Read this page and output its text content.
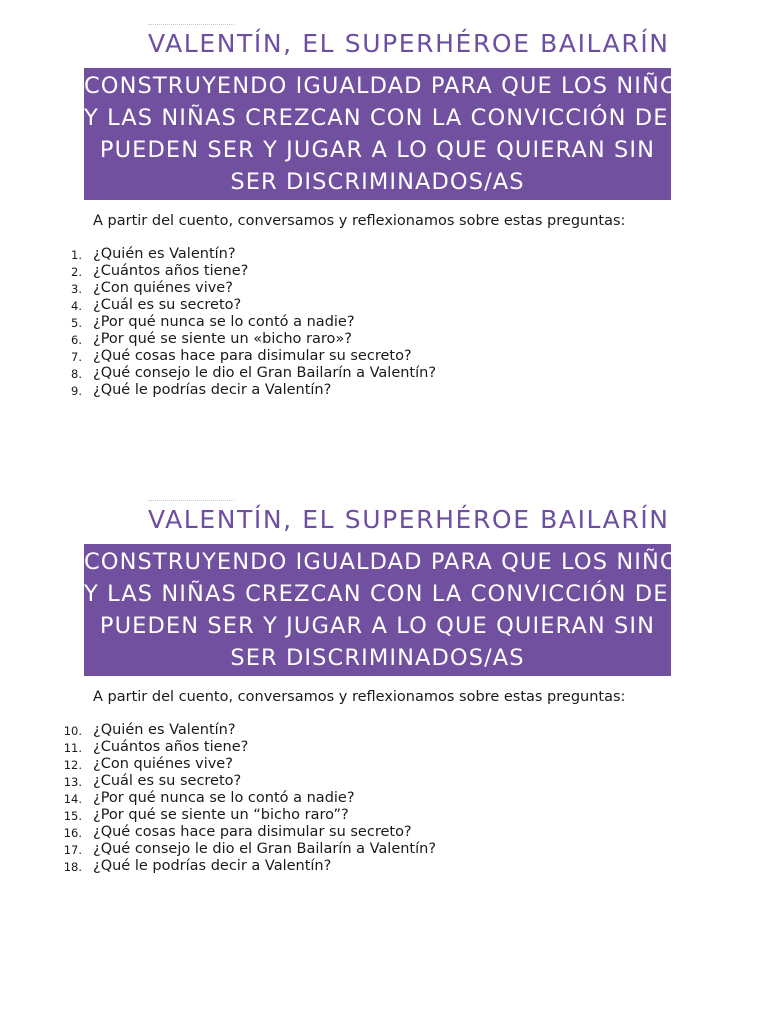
VALENTÍN, EL SUPERHÉROE BAILARÍN
CONSTRUYENDO IGUALDAD PARA QUE LOS NIÑOS
Y LAS NIÑAS CREZCAN CON LA CONVICCIÓN DE QUE
PUEDEN SER Y JUGAR A LO QUE QUIERAN SIN
SER DISCRIMINADOS/AS
A partir del cuento, conversamos y reflexionamos sobre estas preguntas:
1. ¿Quién es Valentín?
2. ¿Cuántos años tiene?
3. ¿Con quiénes vive?
4. ¿Cuál es su secreto?
5. ¿Por qué nunca se lo contó a nadie?
6. ¿Por qué se siente un «bicho raro»?
7. ¿Qué cosas hace para disimular su secreto?
8. ¿Qué consejo le dio el Gran Bailarín a Valentín?
9. ¿Qué le podrías decir a Valentín?
VALENTÍN, EL SUPERHÉROE BAILARÍN
CONSTRUYENDO IGUALDAD PARA QUE LOS NIÑOS
Y LAS NIÑAS CREZCAN CON LA CONVICCIÓN DE QUE
PUEDEN SER Y JUGAR A LO QUE QUIERAN SIN
SER DISCRIMINADOS/AS
A partir del cuento, conversamos y reflexionamos sobre estas preguntas:
10. ¿Quién es Valentín?
11. ¿Cuántos años tiene?
12. ¿Con quiénes vive?
13. ¿Cuál es su secreto?
14. ¿Por qué nunca se lo contó a nadie?
15. ¿Por qué se siente un “bicho raro”?
16. ¿Qué cosas hace para disimular su secreto?
17. ¿Qué consejo le dio el Gran Bailarín a Valentín?
18. ¿Qué le podrías decir a Valentín?
